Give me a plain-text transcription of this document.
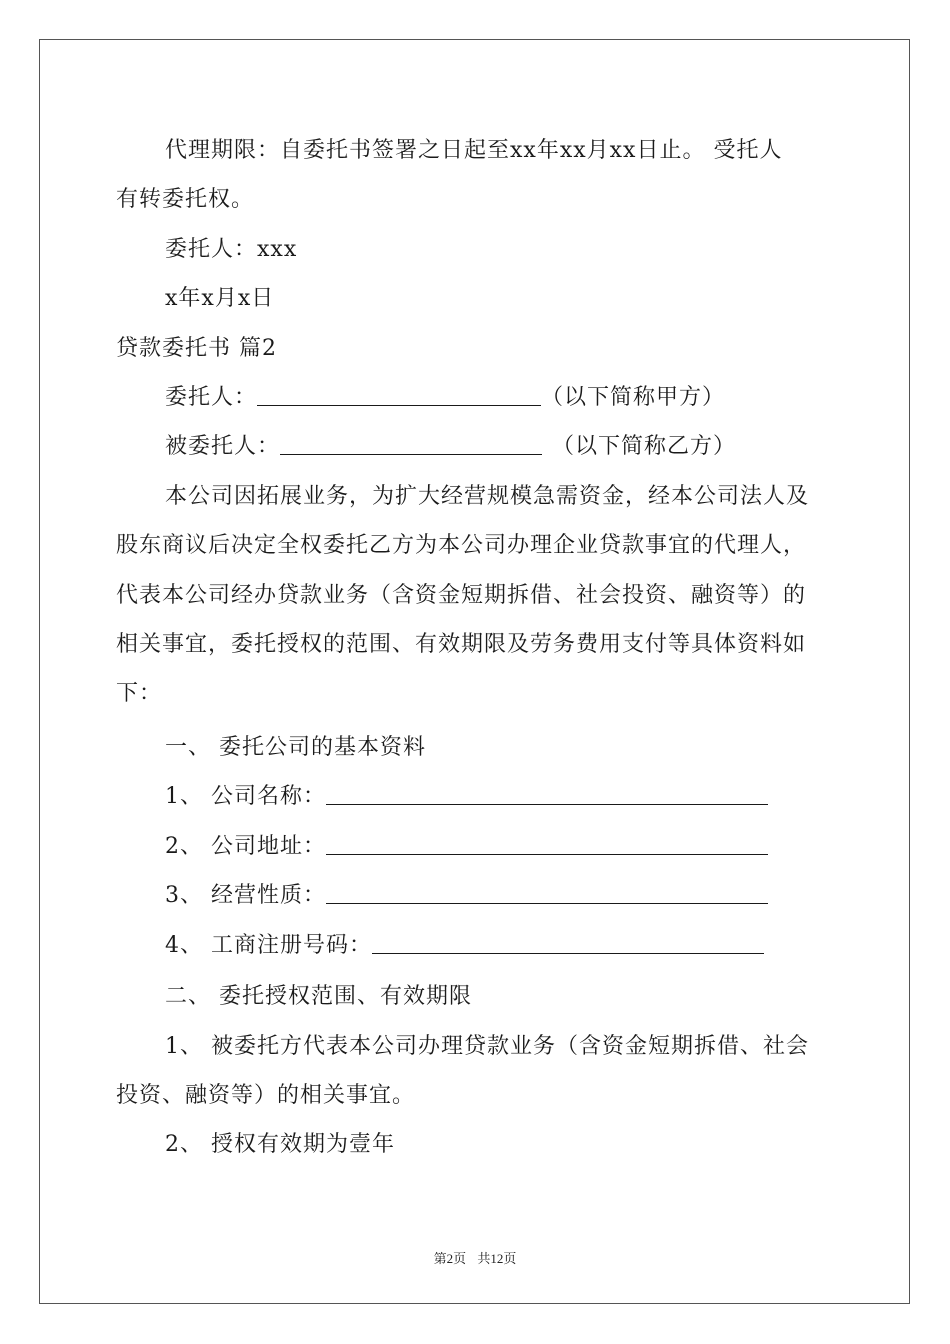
代理期限：自委托书签署之日起至xx年xx月xx日止。 受托人
有转委托权。
委托人：xxx
x年x月x日
贷款委托书 篇2
委托人：	（以下简称甲方）
被委托人：	（以下简称乙方）
本公司因拓展业务，为扩大经营规模急需资金，经本公司法人及
股东商议后决定全权委托乙方为本公司办理企业贷款事宜的代理人，
代表本公司经办贷款业务（含资金短期拆借、社会投资、融资等）的
相关事宜，委托授权的范围、有效期限及劳务费用支付等具体资料如
下：
一、 委托公司的基本资料
1、 公司名称：
2、 公司地址：
3、 经营性质：
4、 工商注册号码：
二、 委托授权范围、有效期限
1、 被委托方代表本公司办理贷款业务（含资金短期拆借、社会
投资、融资等）的相关事宜。
2、 授权有效期为壹年
第2页 共12页
